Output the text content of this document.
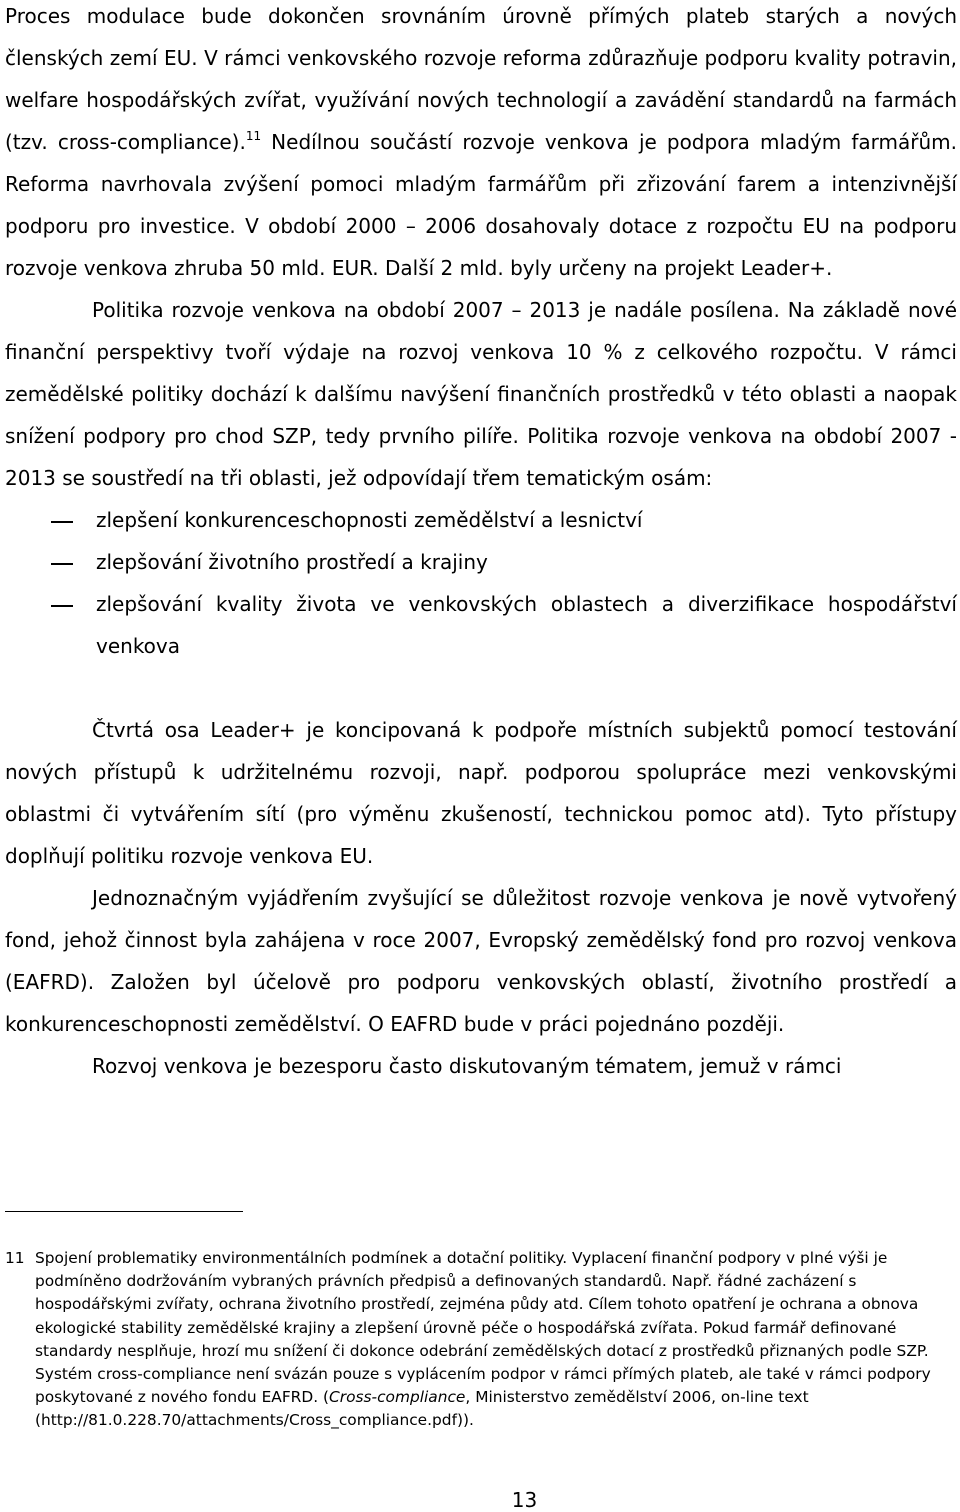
Proces modulace bude dokončen srovnáním úrovně přímých plateb starých a nových členských zemí EU. V rámci venkovského rozvoje reforma zdůrazňuje podporu kvality potravin, welfare hospodářských zvířat, využívání nových technologií a zavádění standardů na farmách (tzv. cross-compliance).$^{11}$ Nedílnou součástí rozvoje venkova je podpora mladým farmářům. Reforma navrhovala zvýšení pomoci mladým farmářům při zřizování farem a intenzivnější podporu pro investice. V období 2000 – 2006 dosahovaly dotace z rozpočtu EU na podporu rozvoje venkova zhruba 50 mld. EUR. Další 2 mld. byly určeny na projekt Leader+.

Politika rozvoje venkova na období 2007 – 2013 je nadále posílena. Na základě nové finanční perspektivy tvoří výdaje na rozvoj venkova 10 % z celkového rozpočtu. V rámci zemědělské politiky dochází k dalšímu navýšení finančních prostředků v této oblasti a naopak snížení podpory pro chod SZP, tedy prvního pilíře. Politika rozvoje venkova na období 2007 - 2013 se soustředí na tři oblasti, jež odpovídají třem tematickým osám:

zlepšení konkurenceschopnosti zemědělství a lesnictví
zlepšování životního prostředí a krajiny
zlepšování kvality života ve venkovských oblastech a diverzifikace hospodářství venkova

Čtvrtá osa Leader+ je koncipovaná k podpoře místních subjektů pomocí testování nových přístupů k udržitelnému rozvoji, např. podporou spolupráce mezi venkovskými oblastmi či vytvářením sítí (pro výměnu zkušeností, technickou pomoc atd). Tyto přístupy doplňují politiku rozvoje venkova EU.

Jednoznačným vyjádřením zvyšující se důležitost rozvoje venkova je nově vytvořený fond, jehož činnost byla zahájena v roce 2007, Evropský zemědělský fond pro rozvoj venkova (EAFRD). Založen byl účelově pro podporu venkovských oblastí, životního prostředí a konkurenceschopnosti zemědělství. O EAFRD bude v práci pojednáno později.

Rozvoj venkova je bezesporu často diskutovaným tématem, jemuž v rámci

11 Spojení problematiky environmentálních podmínek a dotační politiky. Vyplacení finanční podpory v plné výši je podmíněno dodržováním vybraných právních předpisů a definovaných standardů. Např. řádné zacházení s hospodářskými zvířaty, ochrana životního prostředí, zejména půdy atd. Cílem tohoto opatření je ochrana a obnova ekologické stability zemědělské krajiny a zlepšení úrovně péče o hospodářská zvířata. Pokud farmář definované standardy nesplňuje, hrozí mu snížení či dokonce odebrání zemědělských dotací z prostředků přiznaných podle SZP. Systém cross-compliance není svázán pouze s vyplácením podpor v rámci přímých plateb, ale také v rámci podpory poskytované z nového fondu EAFRD. (Cross-compliance, Ministerstvo zemědělství 2006, on-line text (http://81.0.228.70/attachments/Cross_compliance.pdf)).
13
